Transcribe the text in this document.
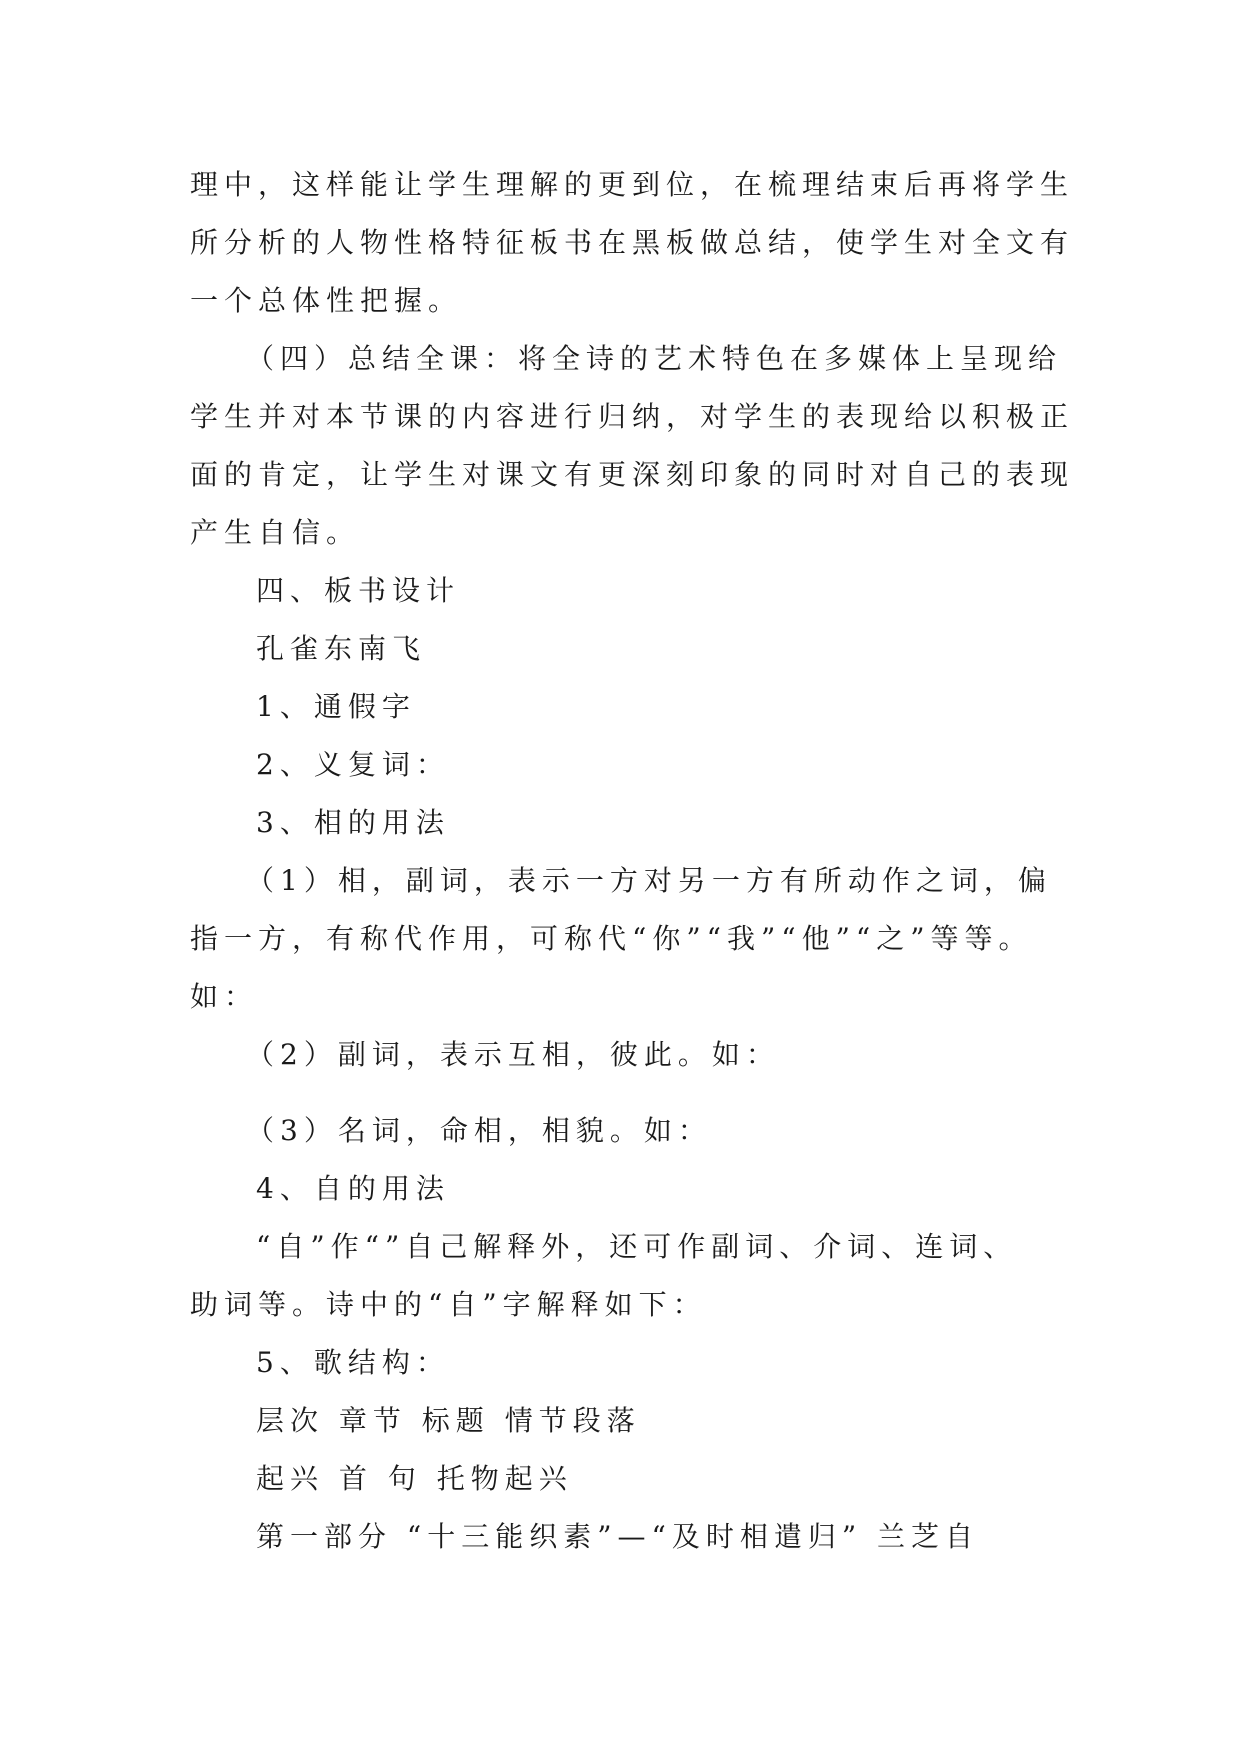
理中，这样能让学生理解的更到位，在梳理结束后再将学生
所分析的人物性格特征板书在黑板做总结，使学生对全文有
一个总体性把握。
（四）总结全课：将全诗的艺术特色在多媒体上呈现给
学生并对本节课的内容进行归纳，对学生的表现给以积极正
面的肯定，让学生对课文有更深刻印象的同时对自己的表现
产生自信。
四、板书设计
孔雀东南飞
1、通假字
2、义复词：
3、相的用法
（1）相，副词，表示一方对另一方有所动作之词，偏
指一方，有称代作用，可称代“你”“我”“他”“之”等等。
如：
（2）副词，表示互相，彼此。如：
（3）名词，命相，相貌。如：
4、自的用法
“自”作“”自己解释外，还可作副词、介词、连词、
助词等。诗中的“自”字解释如下：
5、歌结构：
层次 章节 标题 情节段落
起兴 首 句 托物起兴
第一部分 “十三能织素”—“及时相遣归” 兰芝自
